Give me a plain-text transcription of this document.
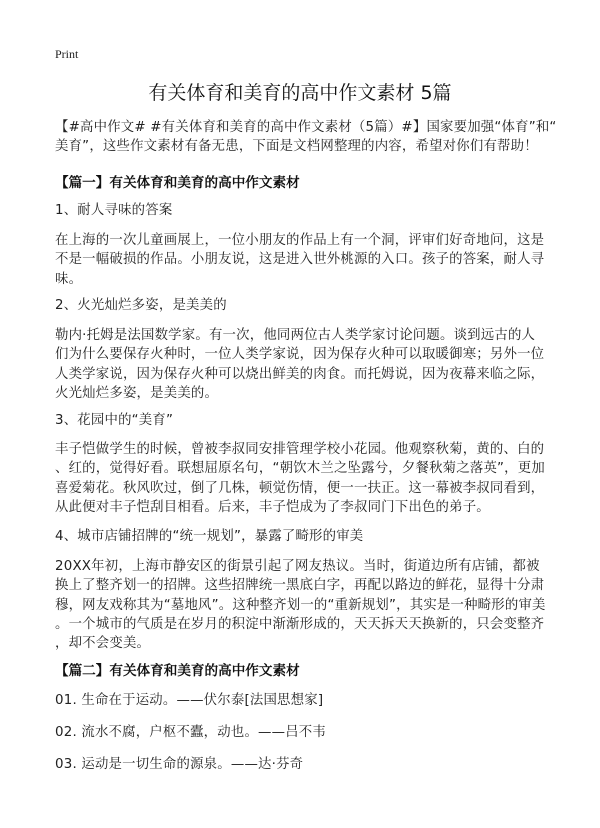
Print
有关体育和美育的高中作文素材 5篇
【#高中作文# #有关体育和美育的高中作文素材（5篇）#】国家要加强“体育”和“
美育”，这些作文素材有备无患，下面是文档网整理的内容，希望对你们有帮助！
【篇一】有关体育和美育的高中作文素材
1、耐人寻味的答案
在上海的一次儿童画展上，一位小朋友的作品上有一个洞，评审们好奇地问，这是
不是一幅破损的作品。小朋友说，这是进入世外桃源的入口。孩子的答案，耐人寻
味。
2、火光灿烂多姿，是美美的
勒内·托姆是法国数学家。有一次，他同两位古人类学家讨论问题。谈到远古的人
们为什么要保存火种时，一位人类学家说，因为保存火种可以取暖御寒；另外一位
人类学家说，因为保存火种可以烧出鲜美的肉食。而托姆说，因为夜幕来临之际，
火光灿烂多姿，是美美的。
3、花园中的“美育”
丰子恺做学生的时候，曾被李叔同安排管理学校小花园。他观察秋菊，黄的、白的
、红的，觉得好看。联想屈原名句，“朝饮木兰之坠露兮，夕餐秋菊之落英”，更加
喜爱菊花。秋风吹过，倒了几株，顿觉伤情，便一一扶正。这一幕被李叔同看到，
从此便对丰子恺刮目相看。后来，丰子恺成为了李叔同门下出色的弟子。
4、城市店铺招牌的“统一规划”，暴露了畸形的审美
20XX年初，上海市静安区的街景引起了网友热议。当时，街道边所有店铺，都被
换上了整齐划一的招牌。这些招牌统一黑底白字，再配以路边的鲜花，显得十分肃
穆，网友戏称其为“墓地风”。这种整齐划一的“重新规划”，其实是一种畸形的审美
。一个城市的气质是在岁月的积淀中渐渐形成的，天天拆天天换新的，只会变整齐
，却不会变美。
【篇二】有关体育和美育的高中作文素材
01. 生命在于运动。——伏尔泰[法国思想家]
02. 流水不腐，户枢不蠹，动也。——吕不韦
03. 运动是一切生命的源泉。——达·芬奇
